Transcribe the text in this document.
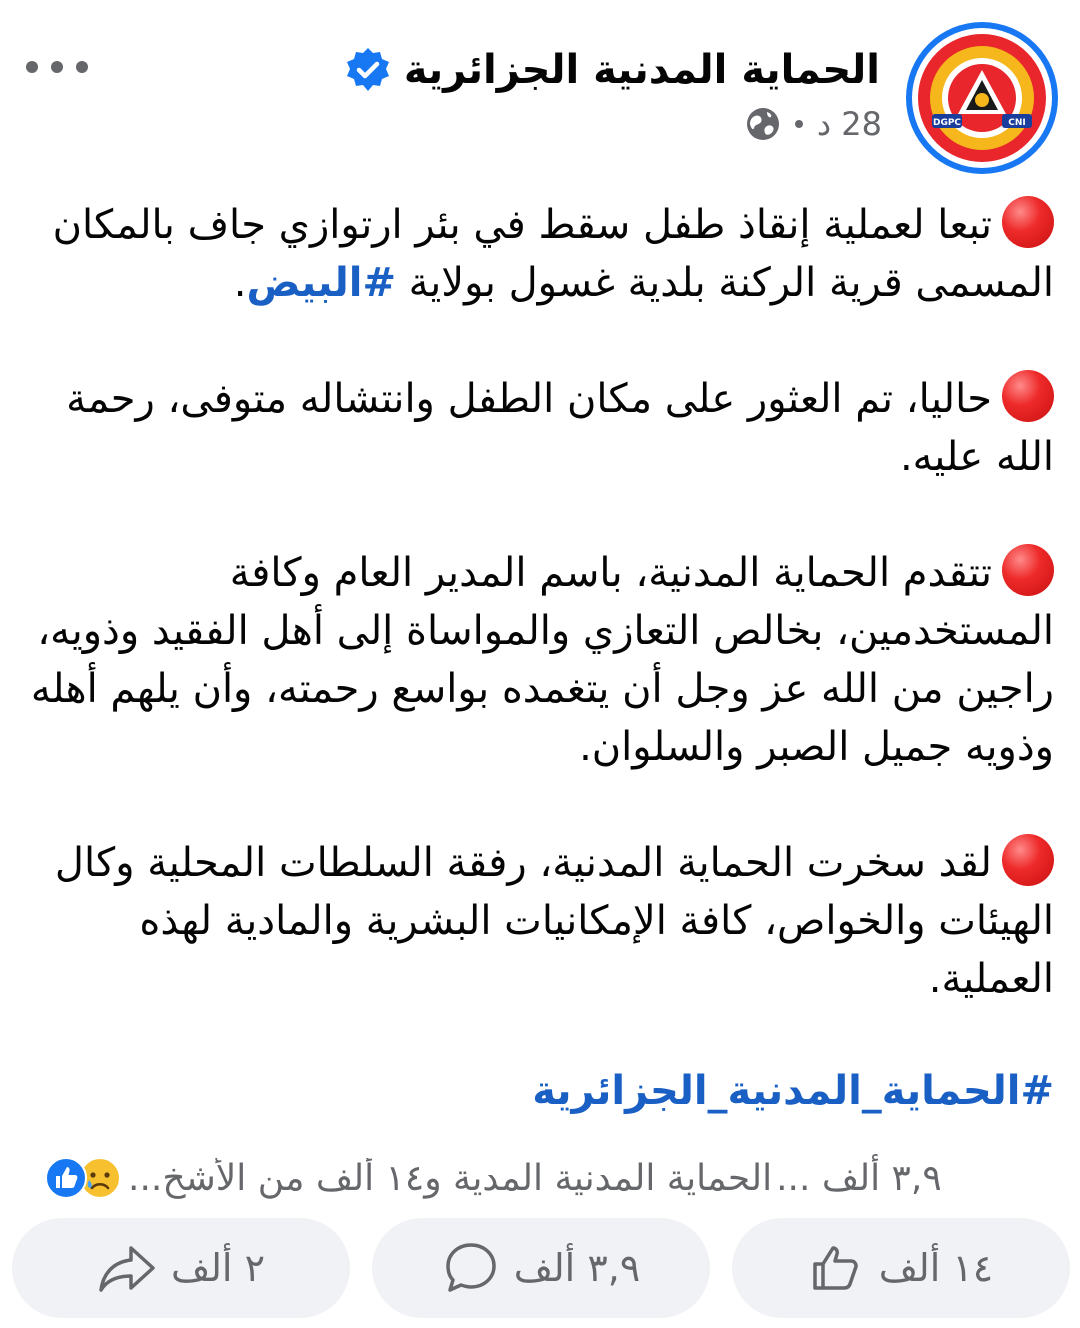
DGPC	CNI
الحماية المدنية الجزائرية
28 د

تبعا لعملية إنقاذ طفل سقط في بئر ارتوازي جاف بالمكان المسمى قرية الركنة بلدية غسول بولاية #البيض.

حاليا، تم العثور على مكان الطفل وانتشاله متوفى، رحمة الله عليه.

تتقدم الحماية المدنية، باسم المدير العام وكافة المستخدمين، بخالص التعازي والمواساة إلى أهل الفقيد وذويه، راجين من الله عز وجل أن يتغمده بواسع رحمته، وأن يلهم أهله وذويه جميل الصبر والسلوان.

لقد سخرت الحماية المدنية، رفقة السلطات المحلية وكال الهيئات والخواص، كافة الإمكانيات البشرية والمادية لهذه العملية.

#الحماية_المدنية_الجزائرية

الحماية المدنية المدية و١٤ ألف من الأشخ... ٣,٩ ألف ...
١٤ ألف
٣,٩ ألف
٢ ألف
